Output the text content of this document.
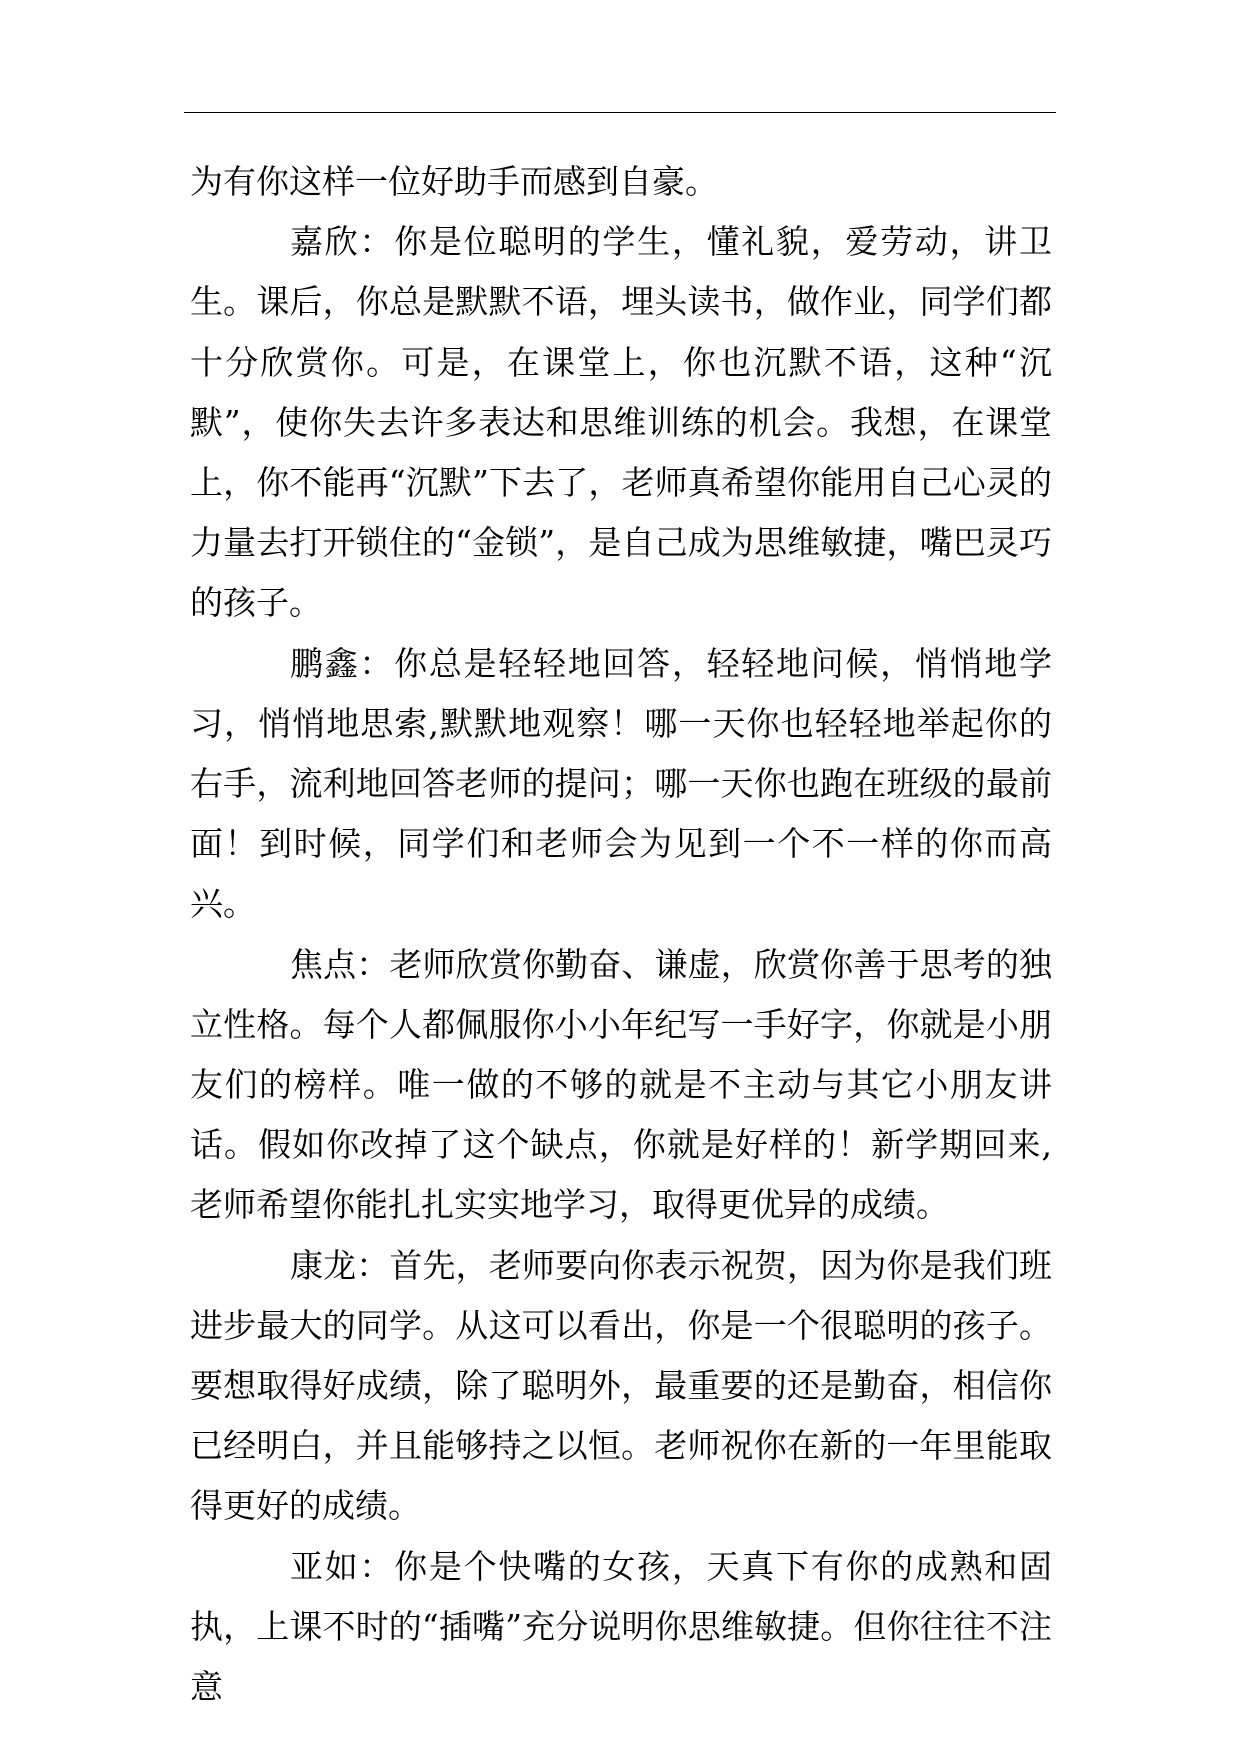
为有你这样一位好助手而感到自豪。

嘉欣：你是位聪明的学生，懂礼貌，爱劳动，讲卫生。课后，你总是默默不语，埋头读书，做作业，同学们都十分欣赏你。可是，在课堂上，你也沉默不语，这种“沉默”，使你失去许多表达和思维训练的机会。我想，在课堂上，你不能再“沉默”下去了，老师真希望你能用自己心灵的力量去打开锁住的“金锁”，是自己成为思维敏捷，嘴巴灵巧的孩子。

鹏鑫：你总是轻轻地回答，轻轻地问候，悄悄地学习，悄悄地思索,默默地观察！哪一天你也轻轻地举起你的右手，流利地回答老师的提问；哪一天你也跑在班级的最前面！到时候，同学们和老师会为见到一个不一样的你而高兴。

焦点：老师欣赏你勤奋、谦虚，欣赏你善于思考的独立性格。每个人都佩服你小小年纪写一手好字，你就是小朋友们的榜样。唯一做的不够的就是不主动与其它小朋友讲话。假如你改掉了这个缺点，你就是好样的！新学期回来,老师希望你能扎扎实实地学习，取得更优异的成绩。

康龙：首先，老师要向你表示祝贺，因为你是我们班进步最大的同学。从这可以看出，你是一个很聪明的孩子。要想取得好成绩，除了聪明外，最重要的还是勤奋，相信你已经明白，并且能够持之以恒。老师祝你在新的一年里能取得更好的成绩。

亚如：你是个快嘴的女孩，天真下有你的成熟和固执，上课不时的“插嘴”充分说明你思维敏捷。但你往往不注意
